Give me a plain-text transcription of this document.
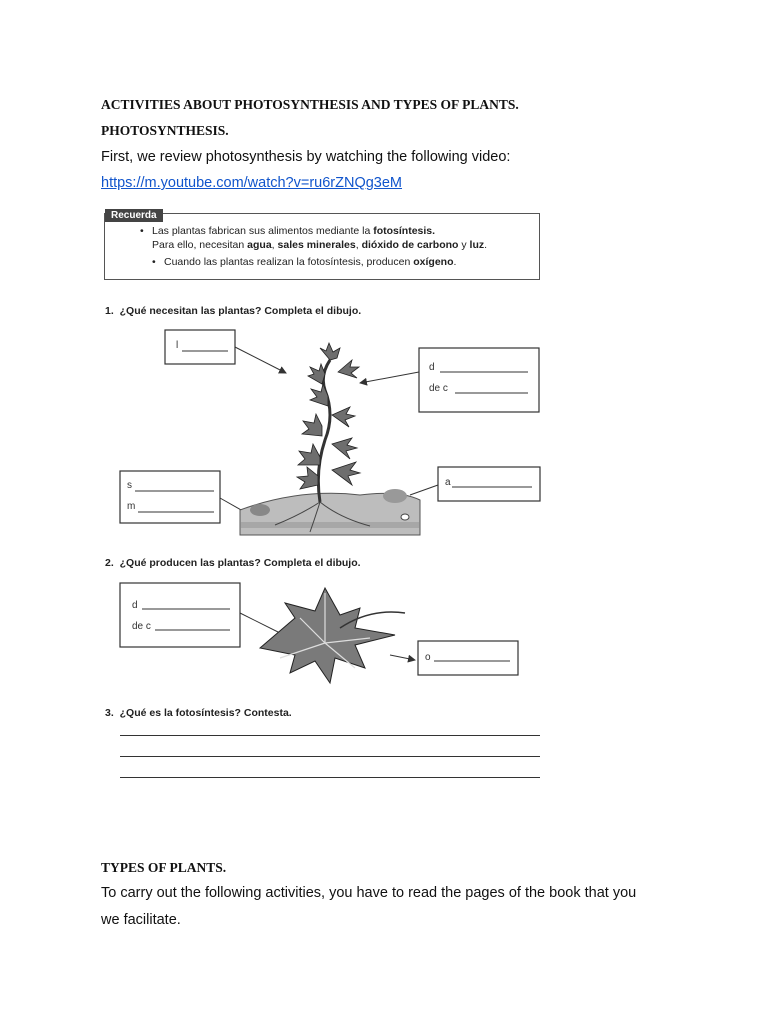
ACTIVITIES ABOUT PHOTOSYNTHESIS AND TYPES OF PLANTS.
PHOTOSYNTHESIS.
First, we review photosynthesis by watching the following video:
https://m.youtube.com/watch?v=ru6rZNQg3eM
Recuerda
• Las plantas fabrican sus alimentos mediante la fotosíntesis.
Para ello, necesitan agua, sales minerales, dióxido de carbono y luz.
• Cuando las plantas realizan la fotosíntesis, producen oxígeno.
1. ¿Qué necesitan las plantas? Completa el dibujo.
l
d
de c
s
m
a
2. ¿Qué producen las plantas? Completa el dibujo.
d
de c
o
3. ¿Qué es la fotosíntesis? Contesta.
TYPES OF PLANTS.
To carry out the following activities, you have to read the pages of the book that you
we facilitate.
